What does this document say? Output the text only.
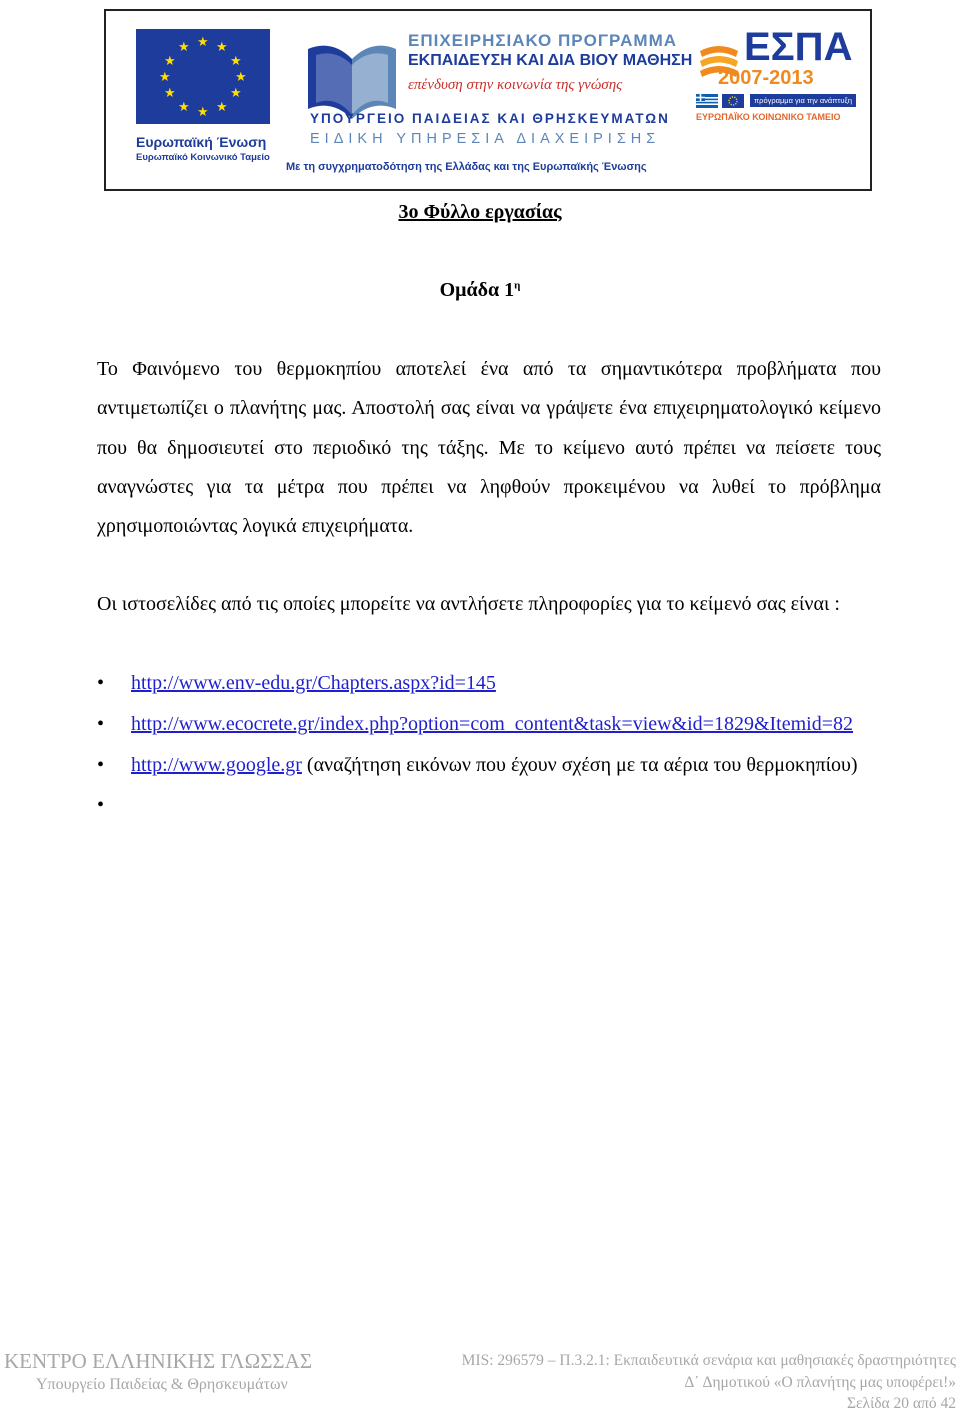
★ ★
★
★
★
★
★
★
★
★
★
★
Ευρωπαϊκή Ένωση
Ευρωπαϊκό Κοινωνικό Ταμείο
ΕΠΙΧΕΙΡΗΣΙΑΚΟ ΠΡΟΓΡΑΜΜΑ
ΕΚΠΑΙΔΕΥΣΗ ΚΑΙ ΔΙΑ ΒΙΟΥ ΜΑΘΗΣΗ
επένδυση στην κοινωνία της γνώσης
ΥΠΟΥΡΓΕΙΟ ΠΑΙΔΕΙΑΣ ΚΑΙ ΘΡΗΣΚΕΥΜΑΤΩΝ
ΕΙΔΙΚΗ ΥΠΗΡΕΣΙΑ ΔΙΑΧΕΙΡΙΣΗΣ
Με τη συγχρηματοδότηση της Ελλάδας και της Ευρωπαϊκής Ένωσης
ΕΣΠΑ
2007-2013
πρόγραμμα για την ανάπτυξη
ΕΥΡΩΠΑΪΚΟ ΚΟΙΝΩΝΙΚΟ ΤΑΜΕΙΟ
3ο Φύλλο εργασίας
Ομάδα $1^\eta$
Το Φαινόμενο του θερμοκηπίου αποτελεί ένα από τα σημαντικότερα προβλήματα που αντιμετωπίζει ο πλανήτης μας. Αποστολή σας είναι να γράψετε ένα επιχειρηματολογικό κείμενο που θα δημοσιευτεί στο περιοδικό της τάξης. Με το κείμενο αυτό πρέπει να πείσετε τους αναγνώστες για τα μέτρα που πρέπει να ληφθούν προκειμένου να λυθεί το πρόβλημα χρησιμοποιώντας λογικά επιχειρήματα.
Οι ιστοσελίδες από τις οποίες μπορείτε να αντλήσετε πληροφορίες για το κείμενό σας είναι :
• http://www.env-edu.gr/Chapters.aspx?id=145
• http://www.ecocrete.gr/index.php?option=com_content&task=view&id=1829&Itemid=82
• http://www.google.gr (αναζήτηση εικόνων που έχουν σχέση με τα αέρια του θερμοκηπίου)
•

ΚΕΝΤΡΟ ΕΛΛΗΝΙΚΗΣ ΓΛΩΣΣΑΣ
Υπουργείο Παιδείας & Θρησκευμάτων
MIS: 296579 – Π.3.2.1: Εκπαιδευτικά σενάρια και μαθησιακές δραστηριότητες
Δ΄ Δημοτικού «Ο πλανήτης μας υποφέρει!»
Σελίδα 20 από 42
